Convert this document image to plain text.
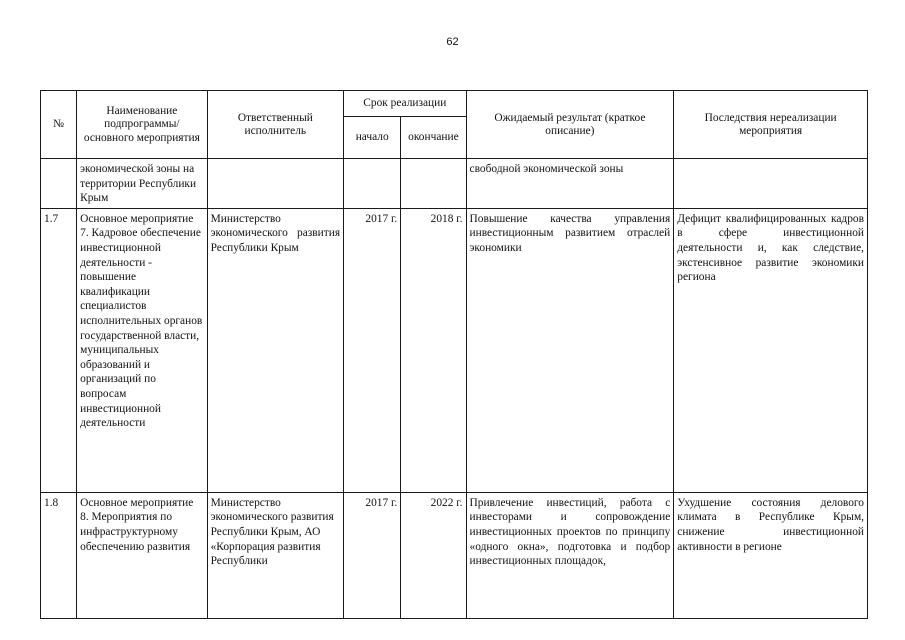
62
№	Наименование подпрограммы/ основного мероприятия	Ответственный исполнитель	Срок реализации		Ожидаемый результат (краткое описание)	Последствия нереализации мероприятия
			начало	окончание		
	экономической зоны на территории Республики Крым				свободной экономической зоны	
1.7	Основное мероприятие 7. Кадровое обеспечение инвестиционной деятельности - повышение квалификации специалистов исполнительных органов государственной власти, муниципальных образований и организаций по вопросам инвестиционной деятельности	Министерство экономического развития Республики Крым	2017 г.	2018 г.	Повышение качества управления инвестиционным развитием отраслей экономики	Дефицит квалифицированных кадров в сфере инвестиционной деятельности и, как следствие, экстенсивное развитие экономики региона
1.8	Основное мероприятие 8. Мероприятия по инфраструктурному обеспечению развития	Министерство экономического развития Республики Крым, АО «Корпорация развития Республики	2017 г.	2022 г.	Привлечение инвестиций, работа с инвесторами и сопровождение инвестиционных проектов по принципу «одного окна», подготовка и подбор инвестиционных площадок,	Ухудшение состояния делового климата в Республике Крым, снижение инвестиционной активности в регионе
